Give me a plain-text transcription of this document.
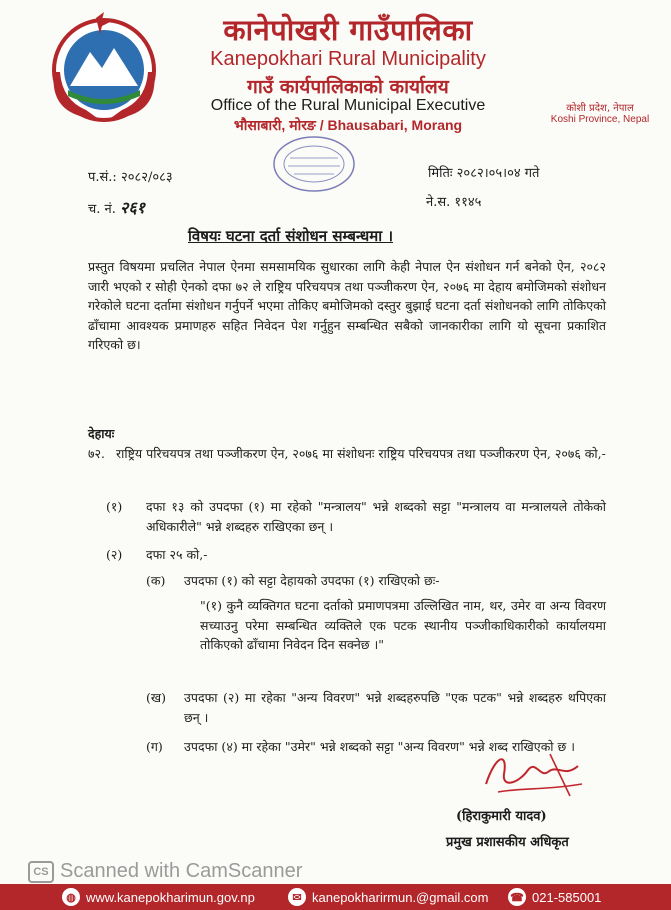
कानेपोखरी गाउँपालिका
Kanepokhari Rural Municipality
गाउँ कार्यपालिकाको कार्यालय
Office of the Rural Municipal Executive
भौसाबारी, मोरङ / Bhausabari, Morang
कोशी प्रदेश, नेपाल
Koshi Province, Nepal
प.सं.: २०८२/०८३	मितिः २०८२।०५।०४ गते
च. नं. २६१	ने.स. ११४५
विषयः घटना दर्ता संशोधन सम्बन्धमा ।
प्रस्तुत विषयमा प्रचलित नेपाल ऐनमा समसामयिक सुधारका लागि केही नेपाल ऐन संशोधन गर्न बनेको ऐन, २०८२ जारी भएको र सोही ऐनको दफा ७२ ले राष्ट्रिय परिचयपत्र तथा पञ्जीकरण ऐन, २०७६ मा देहाय बमोजिमको संशोधन गरेकोले घटना दर्तामा संशोधन गर्नुपर्ने भएमा तोकिए बमोजिमको दस्तुर बुझाई घटना दर्ता संशोधनको लागि तोकिएको ढाँचामा आवश्यक प्रमाणहरु सहित निवेदन पेश गर्नुहुन सम्बन्धित सबैको जानकारीका लागि यो सूचना प्रकाशित गरिएको छ।
देहायः
७२. राष्ट्रिय परिचयपत्र तथा पञ्जीकरण ऐन, २०७६ मा संशोधनः राष्ट्रिय परिचयपत्र तथा पञ्जीकरण ऐन, २०७६ को,-
(१) दफा १३ को उपदफा (१) मा रहेको "मन्त्रालय" भन्ने शब्दको सट्टा "मन्त्रालय वा मन्त्रालयले तोकेको अधिकारीले" भन्ने शब्दहरु राखिएका छन् ।
(२) दफा २५ को,-
(क) उपदफा (१) को सट्टा देहायको उपदफा (१) राखिएको छः-
"(१) कुनै व्यक्तिगत घटना दर्ताको प्रमाणपत्रमा उल्लिखित नाम, थर, उमेर वा अन्य विवरण सच्याउनु परेमा सम्बन्धित व्यक्तिले एक पटक स्थानीय पञ्जीकाधिकारीको कार्यालयमा तोकिएको ढाँचामा निवेदन दिन सक्नेछ ।"
(ख) उपदफा (२) मा रहेका "अन्य विवरण" भन्ने शब्दहरुपछि "एक पटक" भन्ने शब्दहरु थपिएका छन् ।
(ग) उपदफा (४) मा रहेका "उमेर" भन्ने शब्दको सट्टा "अन्य विवरण" भन्ने शब्द राखिएको छ ।
(हिराकुमारी यादव)
प्रमुख प्रशासकीय अधिकृत
CS Scanned with CamScanner
◍ www.kanepokharimun.gov.np	✉ kanepokharirmun.@gmail.com ☎ 021-585001
